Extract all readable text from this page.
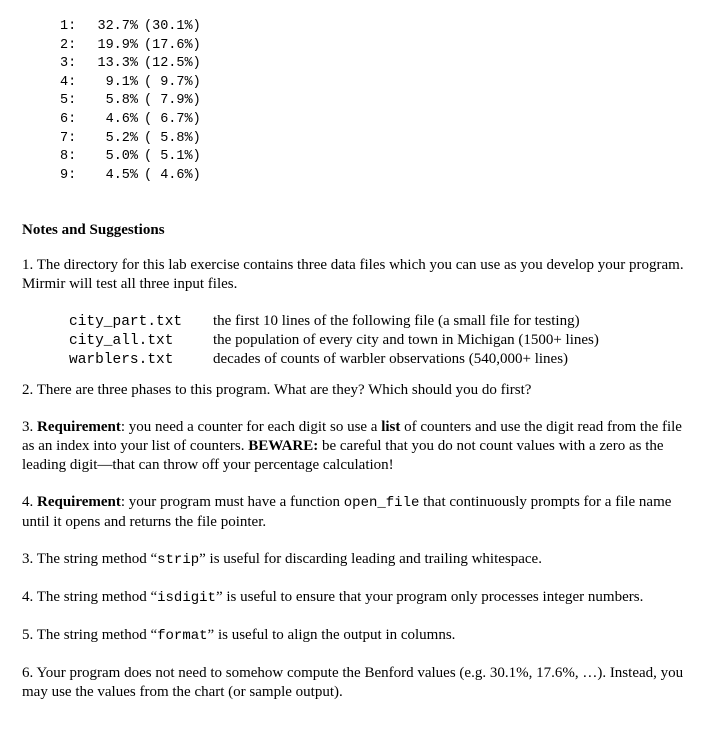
1: 32.7% (30.1%)
2: 19.9% (17.6%)
3: 13.3% (12.5%)
4: 9.1% ( 9.7%)
5: 5.8% ( 7.9%)
6: 4.6% ( 6.7%)
7: 5.2% ( 5.8%)
8: 5.0% ( 5.1%)
9: 4.5% ( 4.6%)

Notes and Suggestions

1. The directory for this lab exercise contains three data files which you can use as you develop your program. Mirmir will test all three input files.

city_part.txt	the first 10 lines of the following file (a small file for testing)
city_all.txt	the population of every city and town in Michigan (1500+ lines)
warblers.txt	decades of counts of warbler observations (540,000+ lines)

2. There are three phases to this program. What are they? Which should you do first?

3. Requirement: you need a counter for each digit so use a list of counters and use the digit read from the file as an index into your list of counters. BEWARE: be careful that you do not count values with a zero as the leading digit—that can throw off your percentage calculation!

4. Requirement: your program must have a function open_file that continuously prompts for a file name until it opens and returns the file pointer.

3. The string method “strip” is useful for discarding leading and trailing whitespace.

4. The string method “isdigit” is useful to ensure that your program only processes integer numbers.

5. The string method “format” is useful to align the output in columns.

6. Your program does not need to somehow compute the Benford values (e.g. 30.1%, 17.6%, …). Instead, you may use the values from the chart (or sample output).
